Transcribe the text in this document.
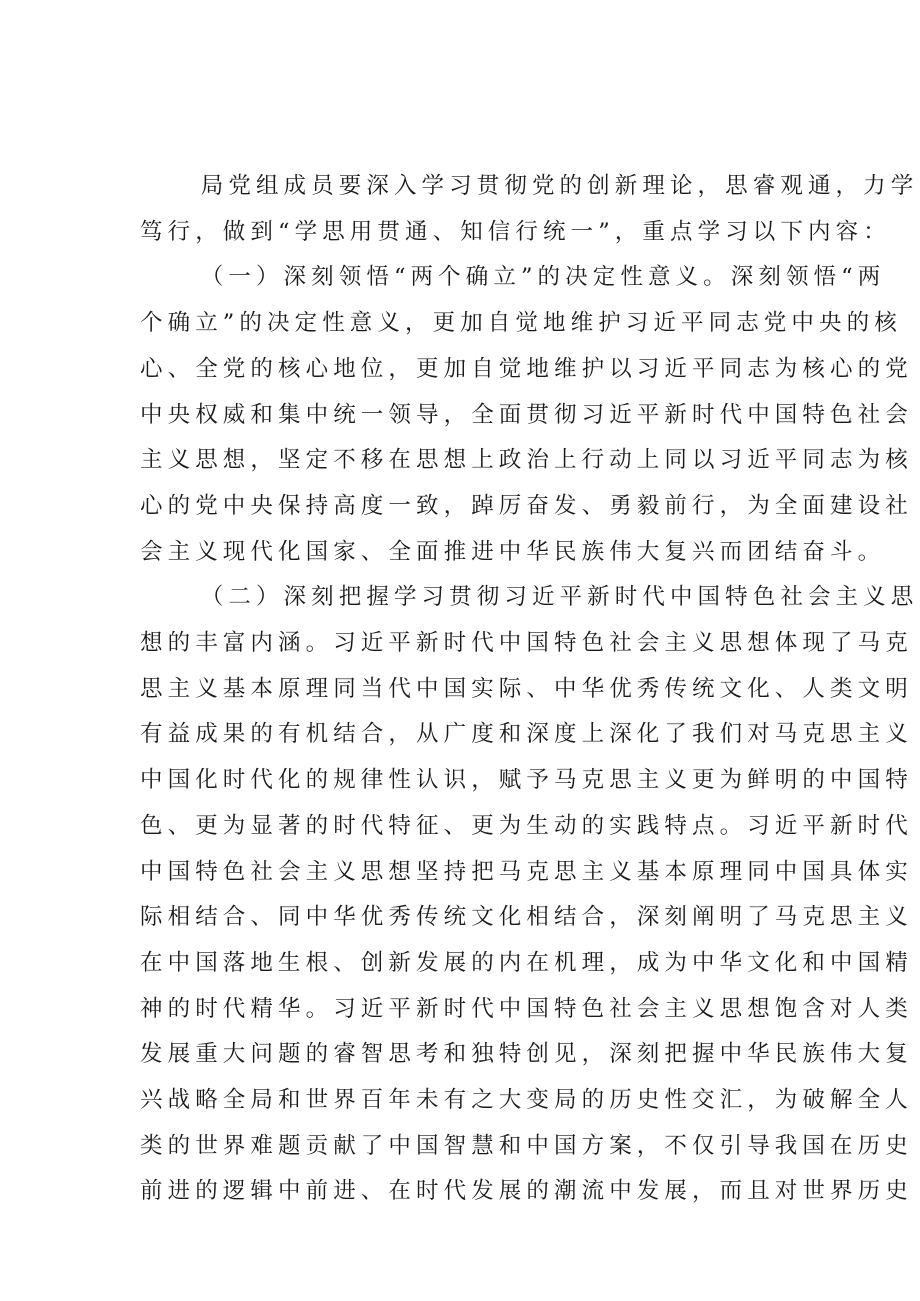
局党组成员要深入学习贯彻党的创新理论，思睿观通，力学
笃行，做到“学思用贯通、知信行统一”，重点学习以下内容：

（一）深刻领悟“两个确立”的决定性意义。深刻领悟“两
个确立”的决定性意义，更加自觉地维护习近平同志党中央的核
心、全党的核心地位，更加自觉地维护以习近平同志为核心的党
中央权威和集中统一领导，全面贯彻习近平新时代中国特色社会
主义思想，坚定不移在思想上政治上行动上同以习近平同志为核
心的党中央保持高度一致，踔厉奋发、勇毅前行，为全面建设社
会主义现代化国家、全面推进中华民族伟大复兴而团结奋斗。

（二）深刻把握学习贯彻习近平新时代中国特色社会主义思
想的丰富内涵。习近平新时代中国特色社会主义思想体现了马克
思主义基本原理同当代中国实际、中华优秀传统文化、人类文明
有益成果的有机结合，从广度和深度上深化了我们对马克思主义
中国化时代化的规律性认识，赋予马克思主义更为鲜明的中国特
色、更为显著的时代特征、更为生动的实践特点。习近平新时代
中国特色社会主义思想坚持把马克思主义基本原理同中国具体实
际相结合、同中华优秀传统文化相结合，深刻阐明了马克思主义
在中国落地生根、创新发展的内在机理，成为中华文化和中国精
神的时代精华。习近平新时代中国特色社会主义思想饱含对人类
发展重大问题的睿智思考和独特创见，深刻把握中华民族伟大复
兴战略全局和世界百年未有之大变局的历史性交汇，为破解全人
类的世界难题贡献了中国智慧和中国方案，不仅引导我国在历史
前进的逻辑中前进、在时代发展的潮流中发展，而且对世界历史
